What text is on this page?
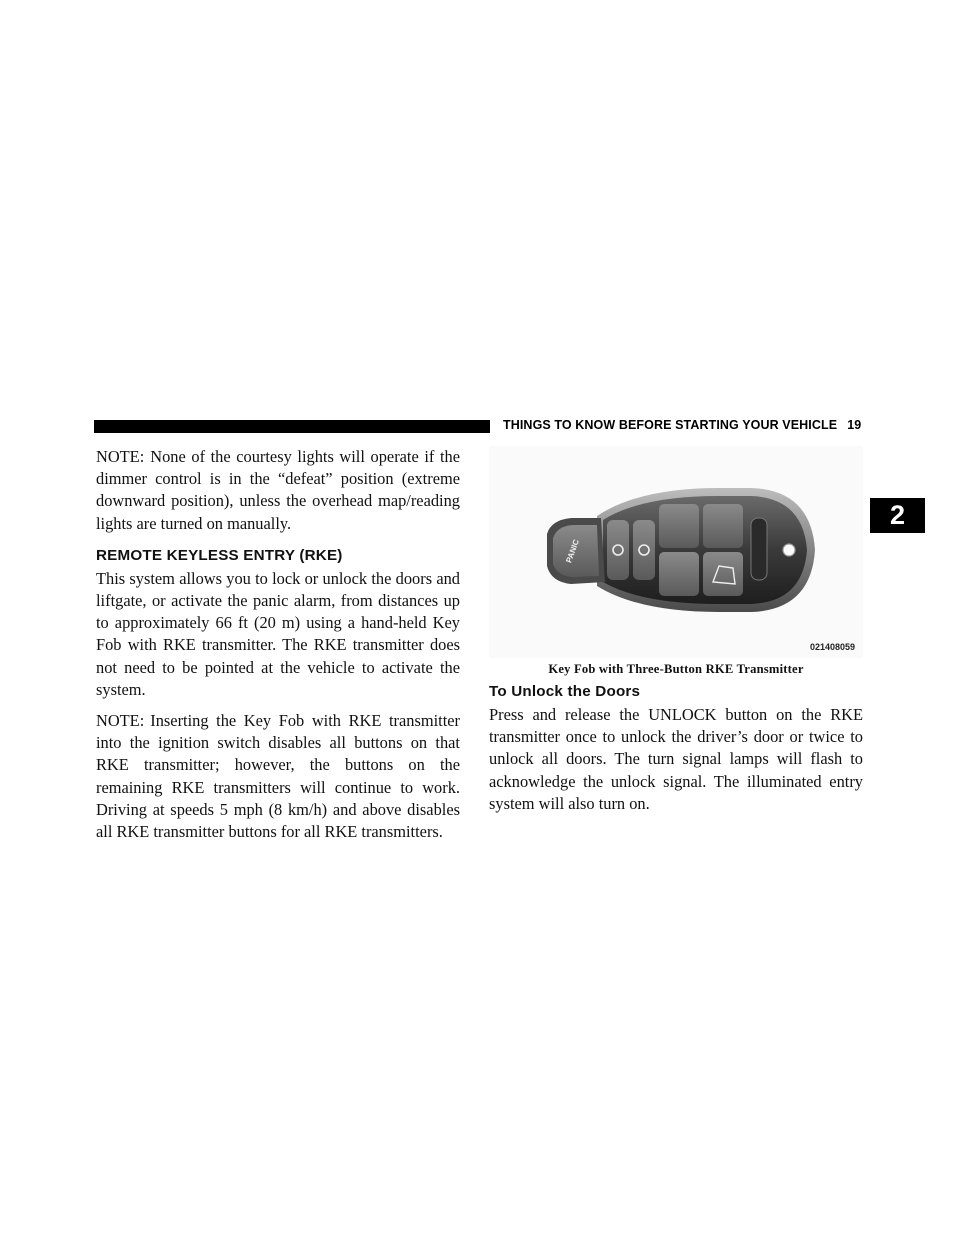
THINGS TO KNOW BEFORE STARTING YOUR VEHICLE 19
2

NOTE: None of the courtesy lights will operate if the dimmer control is in the “defeat” position (extreme downward position), unless the overhead map/reading lights are turned on manually.

REMOTE KEYLESS ENTRY (RKE)

This system allows you to lock or unlock the doors and liftgate, or activate the panic alarm, from distances up to approximately 66 ft (20 m) using a hand-held Key Fob with RKE transmitter. The RKE transmitter does not need to be pointed at the vehicle to activate the system.

NOTE: Inserting the Key Fob with RKE transmitter into the ignition switch disables all buttons on that RKE transmitter; however, the buttons on the remaining RKE transmitters will continue to work. Driving at speeds 5 mph (8 km/h) and above disables all RKE transmitter buttons for all RKE transmitters.

PANIC
021408059
Key Fob with Three-Button RKE Transmitter
To Unlock the Doors

Press and release the UNLOCK button on the RKE transmitter once to unlock the driver’s door or twice to unlock all doors. The turn signal lamps will flash to acknowledge the unlock signal. The illuminated entry system will also turn on.
